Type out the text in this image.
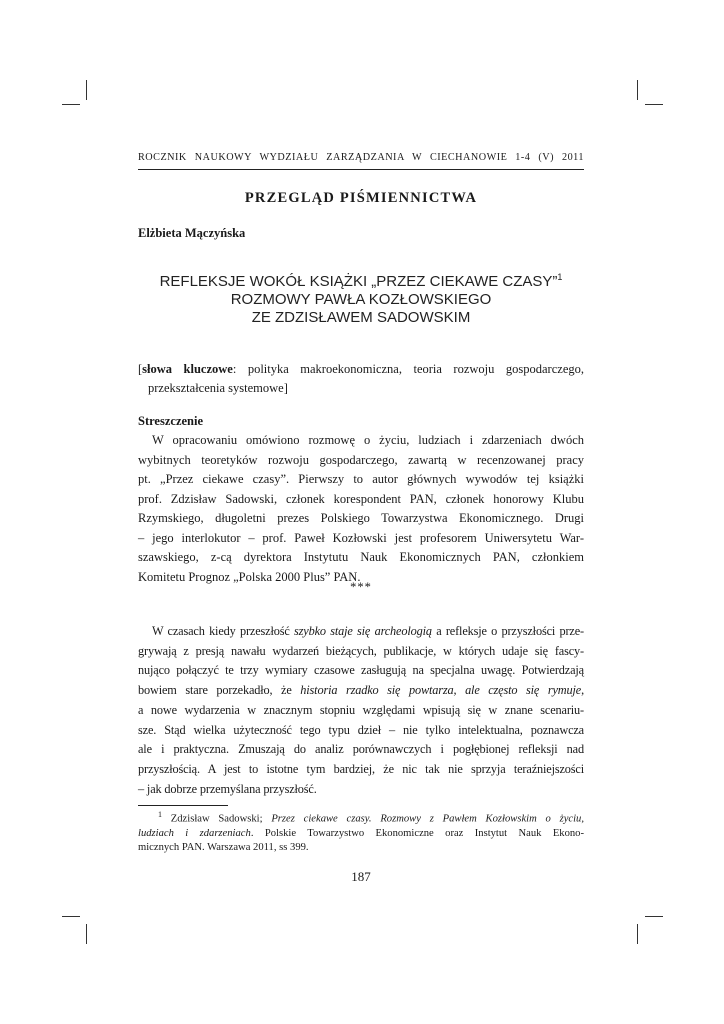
ROCZNIK NAUKOWY WYDZIAŁU ZARZĄDZANIA W CIECHANOWIE 1-4 (V) 2011
PRZEGLĄD PIŚMIENNICTWA
Elżbieta Mączyńska
REFLEKSJE WOKÓŁ KSIĄŻKI „PRZEZ CIEKAWE CZASY”$^1$
ROZMOWY PAWŁA KOZŁOWSKIEGO
ZE ZDZISŁAWEM SADOWSKIM
[słowa kluczowe: polityka makroekonomiczna, teoria rozwoju gospodarczego,
przekształcenia systemowe]
Streszczenie
W opracowaniu omówiono rozmowę o życiu, ludziach i zdarzeniach dwóch
wybitnych teoretyków rozwoju gospodarczego, zawartą w recenzowanej pracy
pt. „Przez ciekawe czasy”. Pierwszy to autor głównych wywodów tej książki
prof. Zdzisław Sadowski, członek korespondent PAN, członek honorowy Klubu
Rzymskiego, długoletni prezes Polskiego Towarzystwa Ekonomicznego. Drugi
– jego interlokutor – prof. Paweł Kozłowski jest profesorem Uniwersytetu War-
szawskiego, z-cą dyrektora Instytutu Nauk Ekonomicznych PAN, członkiem
Komitetu Prognoz „Polska 2000 Plus” PAN.
***
W czasach kiedy przeszłość szybko staje się archeologią a refleksje o przyszłości prze-
grywają z presją nawału wydarzeń bieżących, publikacje, w których udaje się fascy-
nująco połączyć te trzy wymiary czasowe zasługują na specjalna uwagę. Potwierdzają
bowiem stare porzekadło, że historia rzadko się powtarza, ale często się rymuje,
a nowe wydarzenia w znacznym stopniu względami wpisują się w znane scenariu-
sze. Stąd wielka użyteczność tego typu dzieł – nie tylko intelektualna, poznawcza
ale i praktyczna. Zmuszają do analiz porównawczych i pogłębionej refleksji nad
przyszłością. A jest to istotne tym bardziej, że nic tak nie sprzyja teraźniejszości
– jak dobrze przemyślana przyszłość.
$^1$ Zdzisław Sadowski; Przez ciekawe czasy. Rozmowy z Pawłem Kozłowskim o życiu,
ludziach i zdarzeniach. Polskie Towarzystwo Ekonomiczne oraz Instytut Nauk Ekono-
micznych PAN. Warszawa 2011, ss 399.
187
